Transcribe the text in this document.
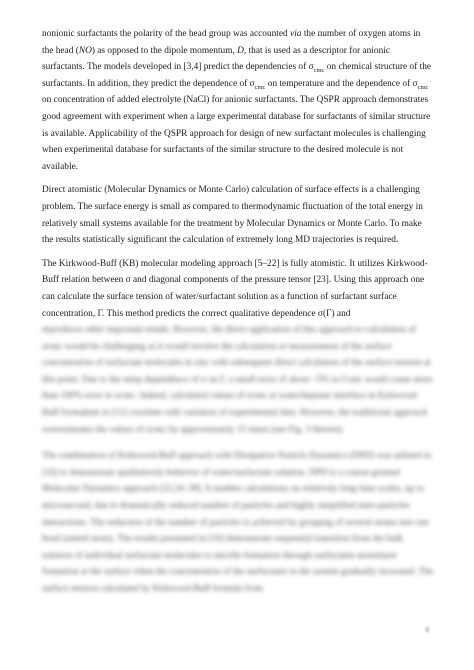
nonionic surfactants the polarity of the head group was accounted via the number of oxygen atoms in the head (NO) as opposed to the dipole momentum, D, that is used as a descriptor for anionic surfactants. The models developed in [3,4] predict the dependencies of $\sigma_{cmc}$ on chemical structure of the surfactants. In addition, they predict the dependence of $\sigma_{cmc}$ on temperature and the dependence of $\sigma_{cmc}$ on concentration of added electrolyte (NaCl) for anionic surfactants. The QSPR approach demonstrates good agreement with experiment when a large experimental database for surfactants of similar structure is available. Applicability of the QSPR approach for design of new surfactant molecules is challenging when experimental database for surfactants of the similar structure to the desired molecule is not available.

Direct atomistic (Molecular Dynamics or Monte Carlo) calculation of surface effects is a challenging problem. The surface energy is small as compared to thermodynamic fluctuation of the total energy in relatively small systems available for the treatment by Molecular Dynamics or Monte Carlo. To make the results statistically significant the calculation of extremely long MD trajectories is required.

The Kirkwood-Buff (KB) molecular modeling approach [5–22] is fully atomistic. It utilizes Kirkwood-Buff relation between σ and diagonal components of the pressure tensor [23]. Using this approach one can calculate the surface tension of water/surfactant solution as a function of surfactant surface concentration, Γ. This method predicts the correct qualitative dependence σ(Γ) and

reproduces other important trends. However, the direct application of this approach to calculation of σcmc would be challenging as it would involve the calculation or measurement of the surface concentration of surfactant molecules at cmc with subsequent direct calculation of the surface tension at this point. Due to the steep dependence of σ on Γ, a small error of about ~5% in Γcmc would cause more than 100% error in σcmc. Indeed, calculated values of σcmc at water/heptane interface in Kirkwood-Buff formalism in [11] correlate with variation of experimental data. However, the traditional approach overestimates the values of σcmc by approximately 15 times (see Fig. 3 therein).

The combination of Kirkwood-Buff approach with Dissipative Particle Dynamics (DPD) was utilized in [16] to demonstrate qualitatively behavior of water/surfactant solution. DPD is a coarse-grained Molecular Dynamics approach [22,24–39]. It enables calculations on relatively long time scales, up to microsecond, due to dramatically reduced number of particles and highly simplified inter-particles interactions. The reduction of the number of particles is achieved by grouping of several atoms into one bead (united atom). The results presented in [16] demonstrate sequential transition from the bulk solution of individual surfactant molecules to micelle formation through surfactants monolayer formation at the surface when the concentration of the surfactants in the system gradually increased. The surface tension calculated by Kirkwood-Buff formula from

4
